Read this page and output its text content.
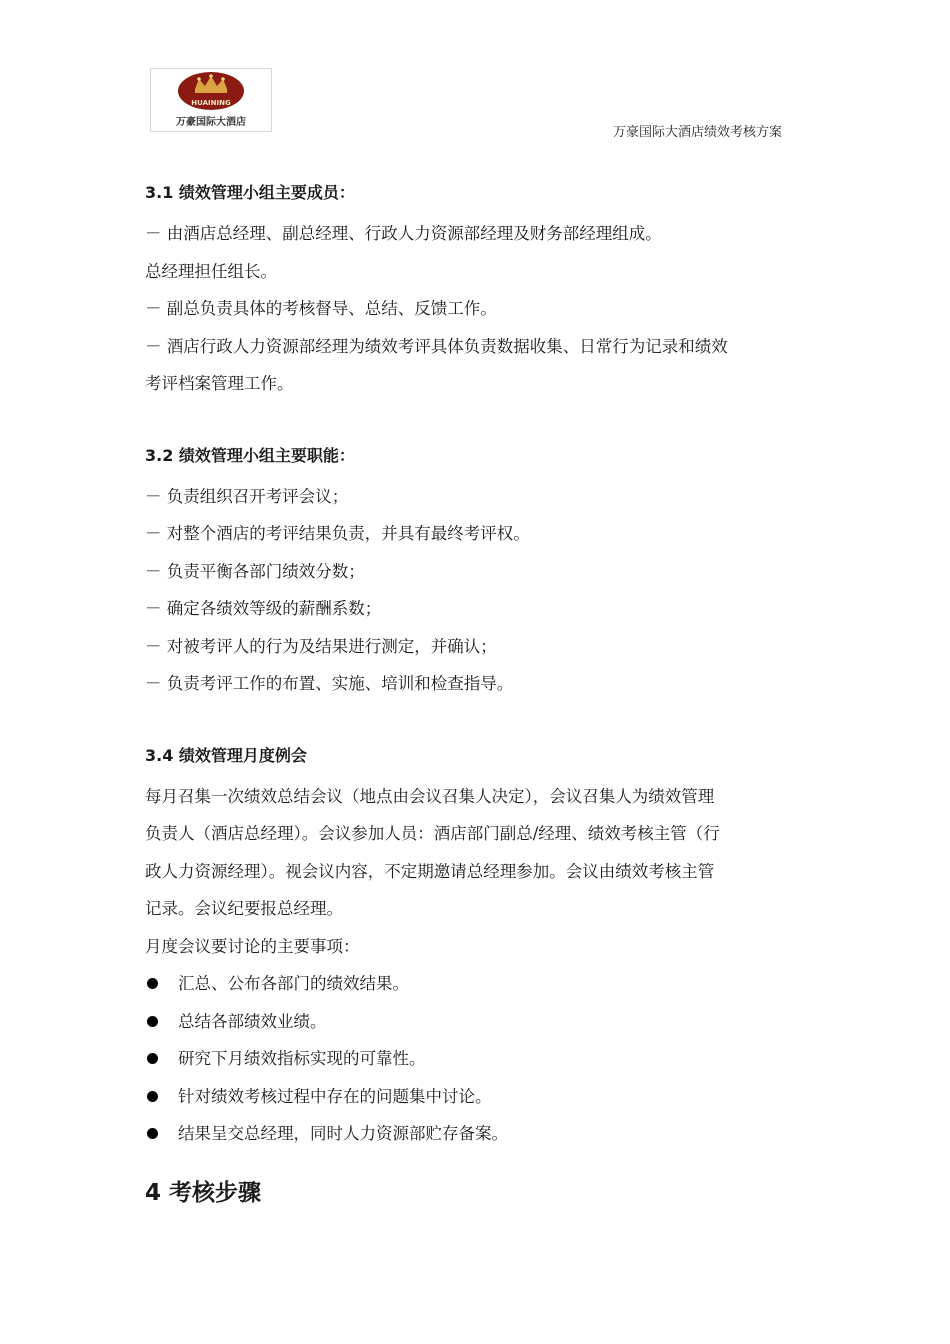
HUAINING
万豪国际大酒店
万豪国际大酒店绩效考核方案
3.1 绩效管理小组主要成员：
－ 由酒店总经理、副总经理、行政人力资源部经理及财务部经理组成。
总经理担任组长。
－ 副总负责具体的考核督导、总结、反馈工作。
－ 酒店行政人力资源部经理为绩效考评具体负责数据收集、日常行为记录和绩效
考评档案管理工作。
3.2 绩效管理小组主要职能：
－ 负责组织召开考评会议；
－ 对整个酒店的考评结果负责，并具有最终考评权。
－ 负责平衡各部门绩效分数；
－ 确定各绩效等级的薪酬系数；
－ 对被考评人的行为及结果进行测定，并确认；
－ 负责考评工作的布置、实施、培训和检查指导。
3.4 绩效管理月度例会
每月召集一次绩效总结会议（地点由会议召集人决定），会议召集人为绩效管理
负责人（酒店总经理）。会议参加人员：酒店部门副总/经理、绩效考核主管（行
政人力资源经理）。视会议内容，不定期邀请总经理参加。会议由绩效考核主管
记录。会议纪要报总经理。
月度会议要讨论的主要事项：
汇总、公布各部门的绩效结果。
总结各部绩效业绩。
研究下月绩效指标实现的可靠性。
针对绩效考核过程中存在的问题集中讨论。
结果呈交总经理，同时人力资源部贮存备案。
4 考核步骤
